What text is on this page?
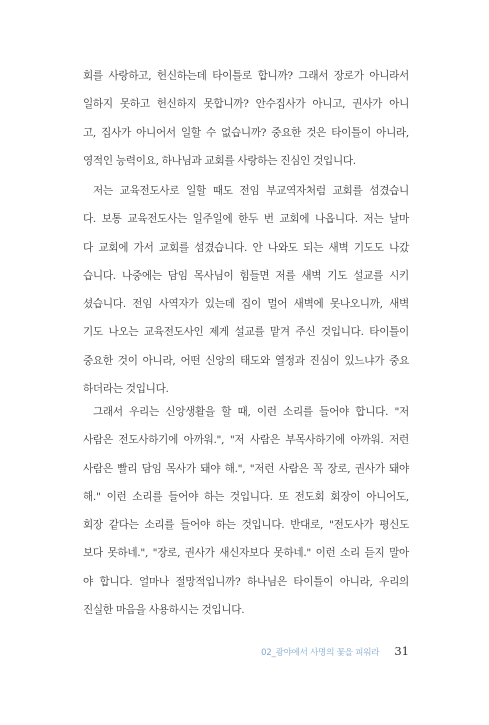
회를 사랑하고, 헌신하는데 타이틀로 합니까? 그래서 장로가 아니라서
일하지 못하고 헌신하지 못합니까? 안수집사가 아니고, 권사가 아니
고, 집사가 아니어서 일할 수 없습니까? 중요한 것은 타이틀이 아니라,
영적인 능력이요, 하나님과 교회를 사랑하는 진심인 것입니다.
저는 교육전도사로 일할 때도 전임 부교역자처럼 교회를 섬겼습니
다. 보통 교육전도사는 일주일에 한두 번 교회에 나옵니다. 저는 날마
다 교회에 가서 교회를 섬겼습니다. 안 나와도 되는 새벽 기도도 나갔
습니다. 나중에는 담임 목사님이 힘들면 저를 새벽 기도 설교를 시키
셨습니다. 전임 사역자가 있는데 집이 멀어 새벽에 못나오니까, 새벽
기도 나오는 교육전도사인 제게 설교를 맡겨 주신 것입니다. 타이틀이
중요한 것이 아니라, 어떤 신앙의 태도와 열정과 진심이 있느냐가 중요
하더라는 것입니다.
그래서 우리는 신앙생활을 할 때, 이런 소리를 들어야 합니다. "저
사람은 전도사하기에 아까워.", "저 사람은 부목사하기에 아까워. 저런
사람은 빨리 담임 목사가 돼야 해.", "저런 사람은 꼭 장로, 권사가 돼야
해." 이런 소리를 들어야 하는 것입니다. 또 전도회 회장이 아니어도,
회장 같다는 소리를 들어야 하는 것입니다. 반대로, "전도사가 평신도
보다 못하네.", "장로, 권사가 새신자보다 못하네." 이런 소리 듣지 말아
야 합니다. 얼마나 절망적입니까? 하나님은 타이틀이 아니라, 우리의
진실한 마음을 사용하시는 것입니다.
02_광야에서 사명의 꽃을 피워라 31
